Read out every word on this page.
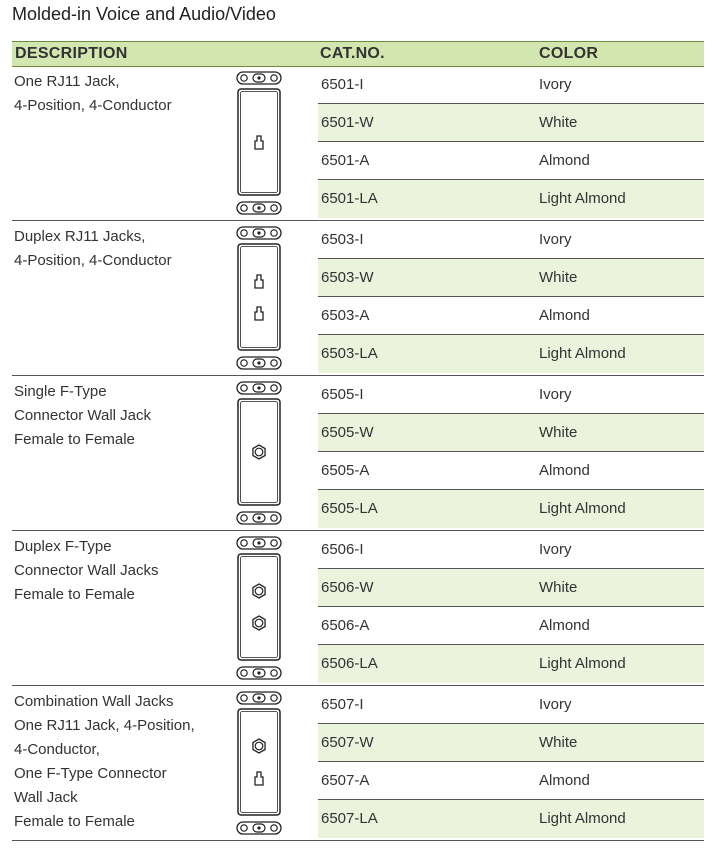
Molded-in Voice and Audio/Video
DESCRIPTION	CAT.NO.	COLOR
One RJ11 Jack,
4-Position, 4-Conductor
6501-I	Ivory
6501-W	White
6501-A	Almond
6501-LA	Light Almond
Duplex RJ11 Jacks,
4-Position, 4-Conductor
6503-I	Ivory
6503-W	White
6503-A	Almond
6503-LA	Light Almond
Single F-Type
Connector Wall Jack
Female to Female
6505-I	Ivory
6505-W	White
6505-A	Almond
6505-LA	Light Almond
Duplex F-Type
Connector Wall Jacks
Female to Female
6506-I	Ivory
6506-W	White
6506-A	Almond
6506-LA	Light Almond
Combination Wall Jacks
One RJ11 Jack, 4-Position,
4-Conductor,
One F-Type Connector
Wall Jack
Female to Female
6507-I	Ivory
6507-W	White
6507-A	Almond
6507-LA	Light Almond
